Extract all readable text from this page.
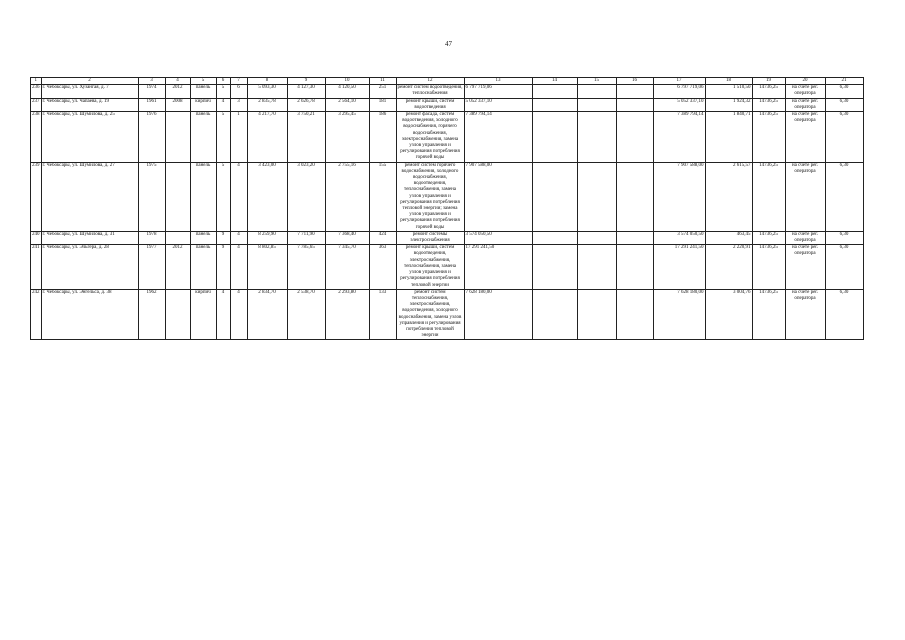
47
1	2	3	4	5	6	7	8	9	10	11	12	13	14	15	16	17	18	19	20	21
236	г. Чебоксары, ул. Хузангая, д. 7	1974	2012	панель	5	6	5 093,30	4 127,30	4 120,50	251	ремонт систем водоотведения, теплоснабжения	6 797 719,06				6 797 719,06	1 510,50	14736,25	на счете рег. оператора	6,30
237	г. Чебоксары, ул. Чапаева, д. 19	1961	2008	кирпич	4	3	2 835,78	2 626,78	2 564,10	181	ремонт крыши, систем водоотведения	5 052 337,10				5 052 337,10	1 924,32	14736,25	на счете рег. оператора	6,30
238	г. Чебоксары, ул. Шумилова, д. 25	1976		панель	5	1	4 217,70	3 750,21	3 295,45	186	ремонт фасада, систем водоотведения, холодного водоснабжения, горячего водоснабжения, электроснабжения, замена узлов управления и регулирования потребления горячей воды	7 389 794,14				7 389 794,14	1 840,71	14736,25	на счете рег. оператора	6,30
239	г. Чебоксары, ул. Шумилова, д. 27	1975		панель	5	4	3 423,00	3 023,20	2 755,16	155	ремонт систем горячего водоснабжения, холодного водоснабжения, водоотведения, теплоснабжения, замена узлов управления и регулирования потребления тепловой энергии; замена узлов управления и регулирования потребления горячей воды	7 907 588,00				7 907 588,00	2 615,57	14736,25	на счете рег. оператора	6,30
240	г. Чебоксары, ул. Шумилова, д. 31	1978		панель	9	4	8 259,90	7 711,90	7 368,40	424	ремонт системы электроснабжения	3 574 050,50				3 574 050,50	463,45	14736,25	на счете рег. оператора	6,30
241	г. Чебоксары, ул. Эльгера, д. 28	1977	2012	панель	9	4	8 802,85	7 785,65	7 345,70	363	ремонт крыши, систем водоотведения, электроснабжения, теплоснабжения, замена узлов управления и регулирования потребления тепловой энергии	17 291 241,50				17 291 241,50	2 220,91	14736,25	на счете рег. оператора	6,30
242	г. Чебоксары, ул. Энгельса, д. 38	1962		кирпич	4	4	2 834,70	2 538,70	2 293,80	133	ремонт систем теплоснабжения, электроснабжения, водоотведения, холодного водоснабжения, замена узлов управления и регулирования потребления тепловой энергии	7 628 180,00				7 628 180,00	3 004,76	14736,25	на счете рег. оператора	6,30
